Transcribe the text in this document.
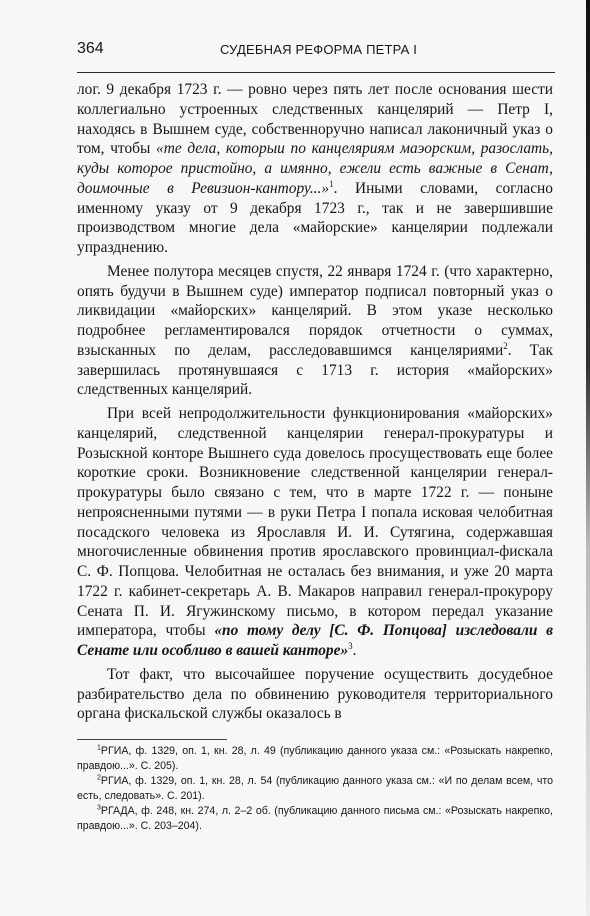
364	СУДЕБНАЯ РЕФОРМА ПЕТРА I

лог. 9 декабря 1723 г. — ровно через пять лет после основания шести коллегиально устроенных следственных канцелярий — Петр I, находясь в Вышнем суде, собственноручно написал лаконичный указ о том, чтобы «те дела, которыи по канцеляриям маэорским, разослать, куды которое пристойно, а имянно, ежели есть важные в Сенат, доимочные в Ревизион-кантору...»$^1$. Иными словами, согласно именному указу от 9 декабря 1723 г., так и не завершившие производством многие дела «майорские» канцелярии подлежали упразднению.

Менее полутора месяцев спустя, 22 января 1724 г. (что характерно, опять будучи в Вышнем суде) император подписал повторный указ о ликвидации «майорских» канцелярий. В этом указе несколько подробнее регламентировался порядок отчетности о суммах, взысканных по делам, расследовавшимся канцеляриями$^2$. Так завершилась протянувшаяся с 1713 г. история «майорских» следственных канцелярий.

При всей непродолжительности функционирования «майорских» канцелярий, следственной канцелярии генерал-прокуратуры и Розыскной конторе Вышнего суда довелось просуществовать еще более короткие сроки. Возникновение следственной канцелярии генерал-прокуратуры было связано с тем, что в марте 1722 г. — поныне непроясненными путями — в руки Петра I попала исковая челобитная посадского человека из Ярославля И. И. Сутягина, содержавшая многочисленные обвинения против ярославского провинциал-фискала С. Ф. Попцова. Челобитная не осталась без внимания, и уже 20 марта 1722 г. кабинет-секретарь А. В. Макаров направил генерал-прокурору Сената П. И. Ягужинскому письмо, в котором передал указание императора, чтобы «по тому делу [С. Ф. Попцова] изследовали в Сенате или особливо в вашей канторе»$^3$.

Тот факт, что высочайшее поручение осуществить досудебное разбирательство дела по обвинению руководителя территориального органа фискальской службы оказалось в

$^1$РГИА, ф. 1329, оп. 1, кн. 28, л. 49 (публикацию данного указа см.: «Розыскать накрепко, правдою...». С. 205).

$^2$РГИА, ф. 1329, оп. 1, кн. 28, л. 54 (публикацию данного указа см.: «И по делам всем, что есть, следовать». С. 201).

$^3$РГАДА, ф. 248, кн. 274, л. 2–2 об. (публикацию данного письма см.: «Розыскать накрепко, правдою...». С. 203–204).
